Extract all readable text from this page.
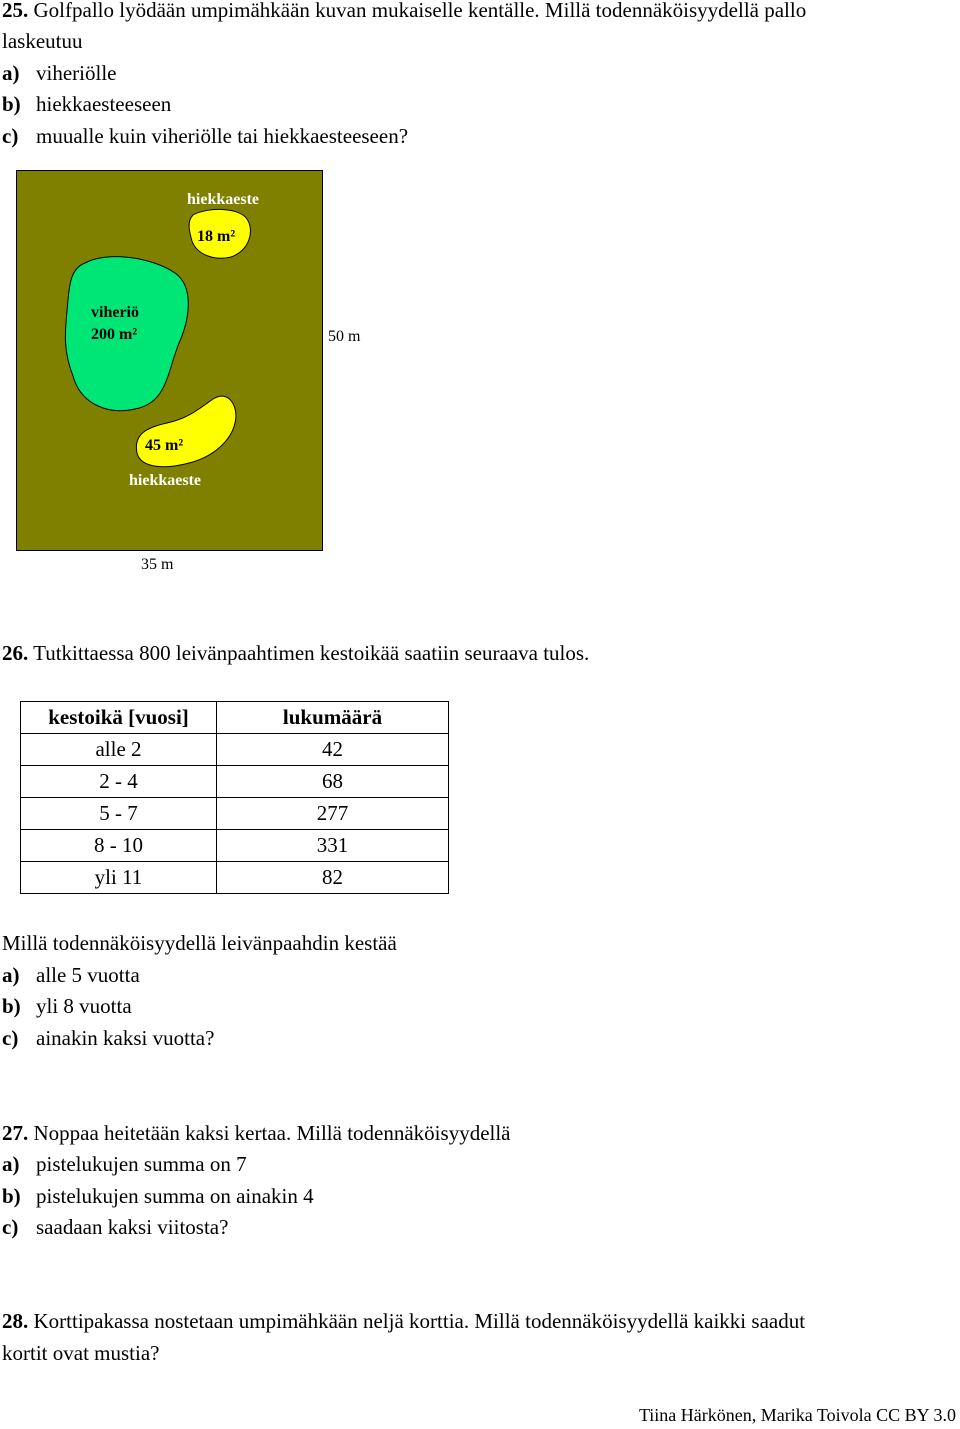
25. Golfpallo lyödään umpimähkään kuvan mukaiselle kentälle. Millä todennäköisyydellä pallo
laskeutuu
a) viheriölle
b) hiekkaesteeseen
c) muualle kuin viheriölle tai hiekkaesteeseen?
hiekkaeste
18 m²
viheriö
200 m²
45 m²
hiekkaeste
50 m
35 m
26. Tutkittaessa 800 leivänpaahtimen kestoikää saatiin seuraava tulos.
kestoikä [vuosi]	lukumäärä
alle 2	42
2 - 4	68
5 - 7	277
8 - 10	331
yli 11	82
Millä todennäköisyydellä leivänpaahdin kestää
a) alle 5 vuotta
b) yli 8 vuotta
c) ainakin kaksi vuotta?
27. Noppaa heitetään kaksi kertaa. Millä todennäköisyydellä
a) pistelukujen summa on 7
b) pistelukujen summa on ainakin 4
c) saadaan kaksi viitosta?
28. Korttipakassa nostetaan umpimähkään neljä korttia. Millä todennäköisyydellä kaikki saadut
kortit ovat mustia?
Tiina Härkönen, Marika Toivola CC BY 3.0
